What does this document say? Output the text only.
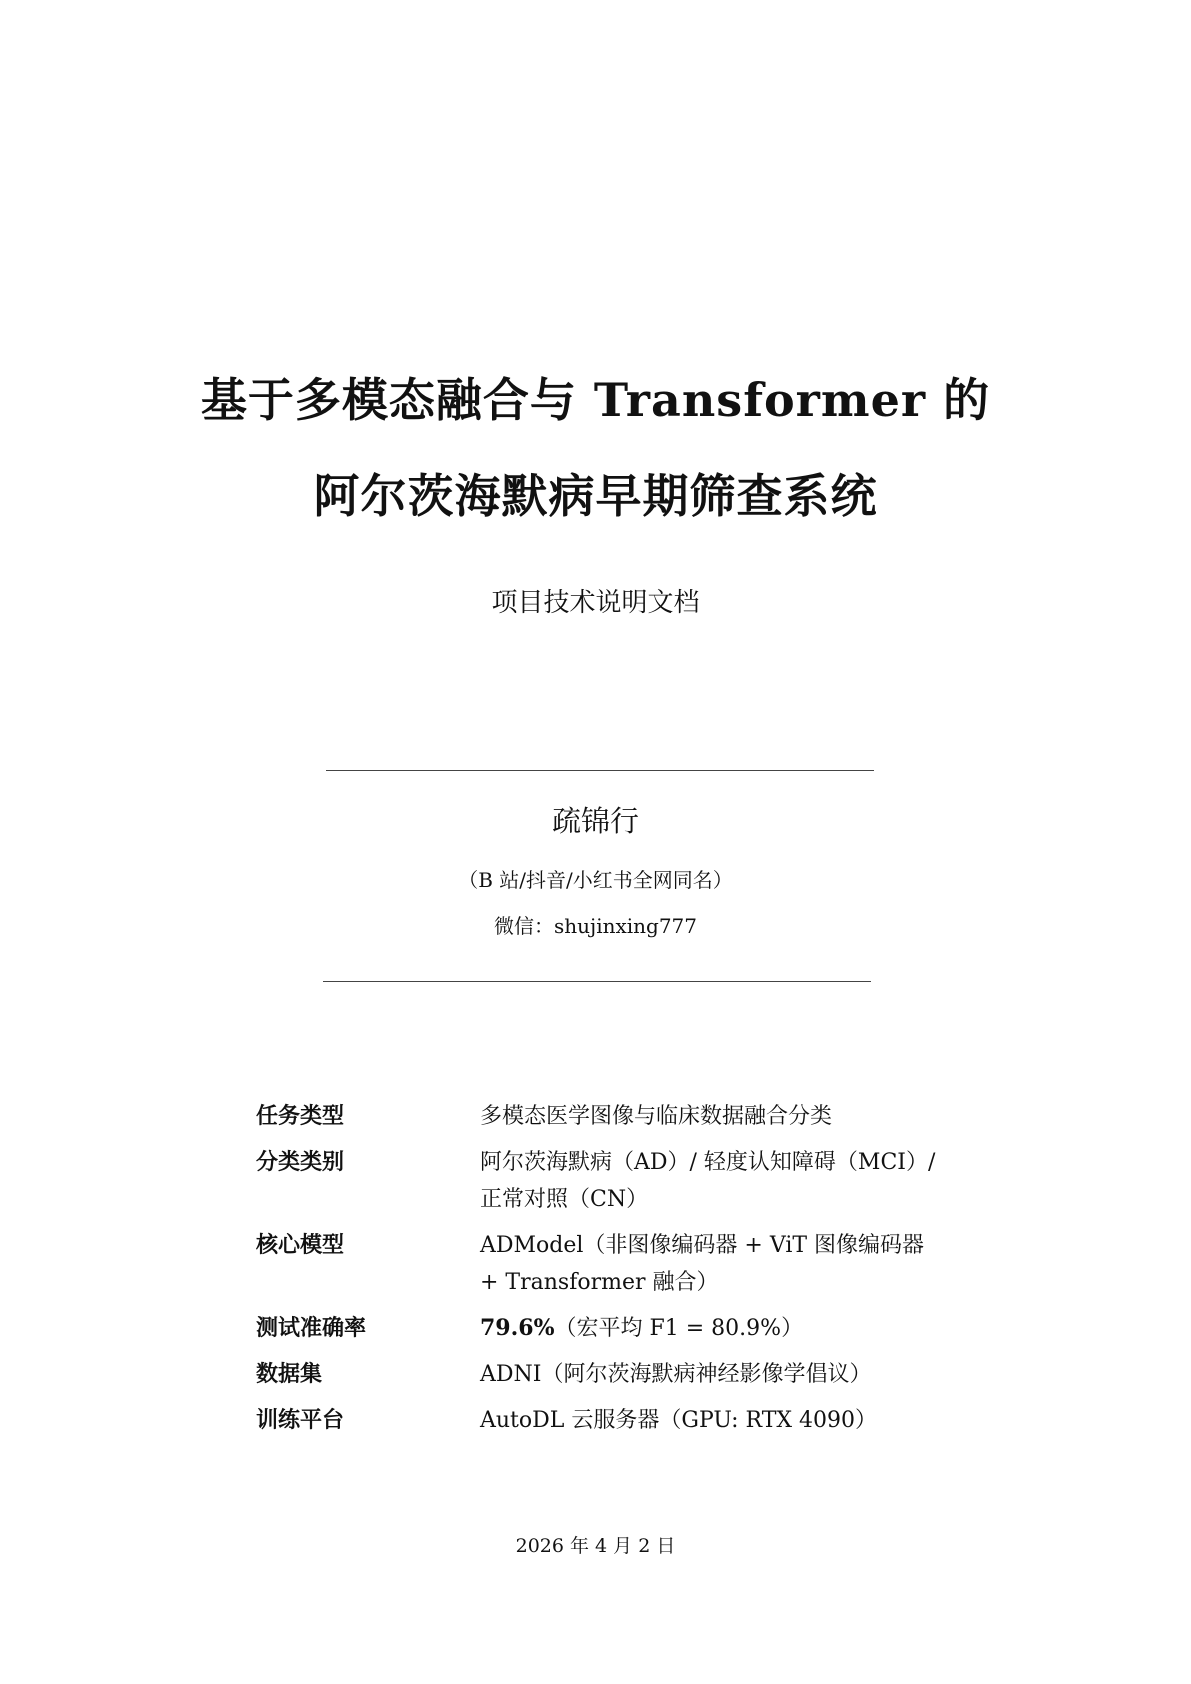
基于多模态融合与 Transformer 的
阿尔茨海默病早期筛查系统
项目技术说明文档
疏锦行
（B 站/抖音/小红书全网同名）
微信：shujinxing777
任务类型	多模态医学图像与临床数据融合分类
分类类别	阿尔茨海默病（AD）/ 轻度认知障碍（MCI）/ 正常对照（CN）
核心模型	ADModel（非图像编码器 + ViT 图像编码器 + Transformer 融合）
测试准确率	79.6%（宏平均 F1 = 80.9%）
数据集	ADNI（阿尔茨海默病神经影像学倡议）
训练平台	AutoDL 云服务器（GPU: RTX 4090）
2026 年 4 月 2 日
